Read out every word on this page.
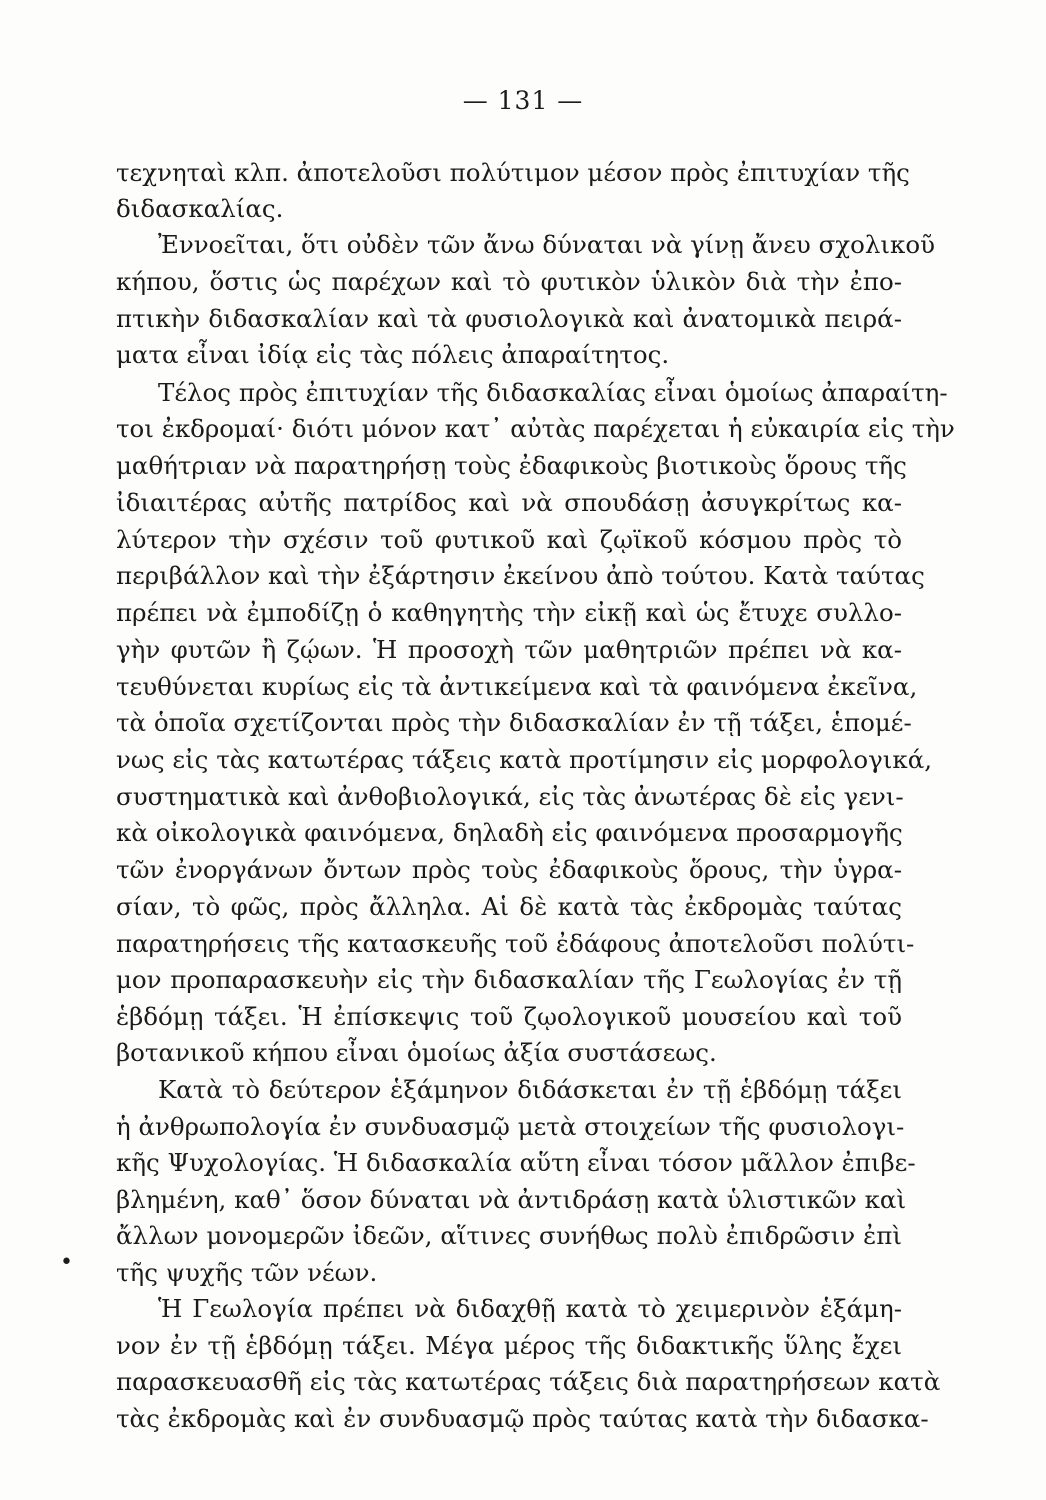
— 131 —
τεχνηταὶ κλπ. ἀποτελοῦσι πολύτιμον μέσον πρὸς ἐπιτυχίαν τῆς
διδασκαλίας.
Ἐννοεῖται, ὅτι οὐδὲν τῶν ἄνω δύναται νὰ γίνῃ ἄνευ σχολικοῦ
κήπου, ὅστις ὡς παρέχων καὶ τὸ φυτικὸν ὑλικὸν διὰ τὴν ἐπο-
πτικὴν διδασκαλίαν καὶ τὰ φυσιολογικὰ καὶ ἀνατομικὰ πειρά-
ματα εἶναι ἰδίᾳ εἰς τὰς πόλεις ἀπαραίτητος.
Τέλος πρὸς ἐπιτυχίαν τῆς διδασκαλίας εἶναι ὁμοίως ἀπαραίτη-
τοι ἐκδρομαί· διότι μόνον κατ᾽ αὐτὰς παρέχεται ἡ εὐκαιρία εἰς τὴν
μαθήτριαν νὰ παρατηρήσῃ τοὺς ἐδαφικοὺς βιοτικοὺς ὅρους τῆς
ἰδιαιτέρας αὐτῆς πατρίδος καὶ νὰ σπουδάσῃ ἀσυγκρίτως κα-
λύτερον τὴν σχέσιν τοῦ φυτικοῦ καὶ ζῳϊκοῦ κόσμου πρὸς τὸ
περιβάλλον καὶ τὴν ἐξάρτησιν ἐκείνου ἀπὸ τούτου. Κατὰ ταύτας
πρέπει νὰ ἐμποδίζῃ ὁ καθηγητὴς τὴν εἰκῇ καὶ ὡς ἔτυχε συλλο-
γὴν φυτῶν ἢ ζῴων. Ἡ προσοχὴ τῶν μαθητριῶν πρέπει νὰ κα-
τευθύνεται κυρίως εἰς τὰ ἀντικείμενα καὶ τὰ φαινόμενα ἐκεῖνα,
τὰ ὁποῖα σχετίζονται πρὸς τὴν διδασκαλίαν ἐν τῇ τάξει, ἑπομέ-
νως εἰς τὰς κατωτέρας τάξεις κατὰ προτίμησιν εἰς μορφολογικά,
συστηματικὰ καὶ ἀνθοβιολογικά, εἰς τὰς ἀνωτέρας δὲ εἰς γενι-
κὰ οἰκολογικὰ φαινόμενα, δηλαδὴ εἰς φαινόμενα προσαρμογῆς
τῶν ἐνοργάνων ὄντων πρὸς τοὺς ἐδαφικοὺς ὅρους, τὴν ὑγρα-
σίαν, τὸ φῶς, πρὸς ἄλληλα. Αἱ δὲ κατὰ τὰς ἐκδρομὰς ταύτας
παρατηρήσεις τῆς κατασκευῆς τοῦ ἐδάφους ἀποτελοῦσι πολύτι-
μον προπαρασκευὴν εἰς τὴν διδασκαλίαν τῆς Γεωλογίας ἐν τῇ
ἑβδόμῃ τάξει. Ἡ ἐπίσκεψις τοῦ ζῳολογικοῦ μουσείου καὶ τοῦ
βοτανικοῦ κήπου εἶναι ὁμοίως ἀξία συστάσεως.
Κατὰ τὸ δεύτερον ἑξάμηνον διδάσκεται ἐν τῇ ἑβδόμῃ τάξει
ἡ ἀνθρωπολογία ἐν συνδυασμῷ μετὰ στοιχείων τῆς φυσιολογι-
κῆς Ψυχολογίας. Ἡ διδασκαλία αὕτη εἶναι τόσον μᾶλλον ἐπιβε-
βλημένη, καθ᾽ ὅσον δύναται νὰ ἀντιδράσῃ κατὰ ὑλιστικῶν καὶ
ἄλλων μονομερῶν ἰδεῶν, αἵτινες συνήθως πολὺ ἐπιδρῶσιν ἐπὶ
τῆς ψυχῆς τῶν νέων.
Ἡ Γεωλογία πρέπει νὰ διδαχθῇ κατὰ τὸ χειμερινὸν ἑξάμη-
νον ἐν τῇ ἑβδόμῃ τάξει. Μέγα μέρος τῆς διδακτικῆς ὕλης ἔχει
παρασκευασθῆ εἰς τὰς κατωτέρας τάξεις διὰ παρατηρήσεων κατὰ
τὰς ἐκδρομὰς καὶ ἐν συνδυασμῷ πρὸς ταύτας κατὰ τὴν διδασκα-
•
